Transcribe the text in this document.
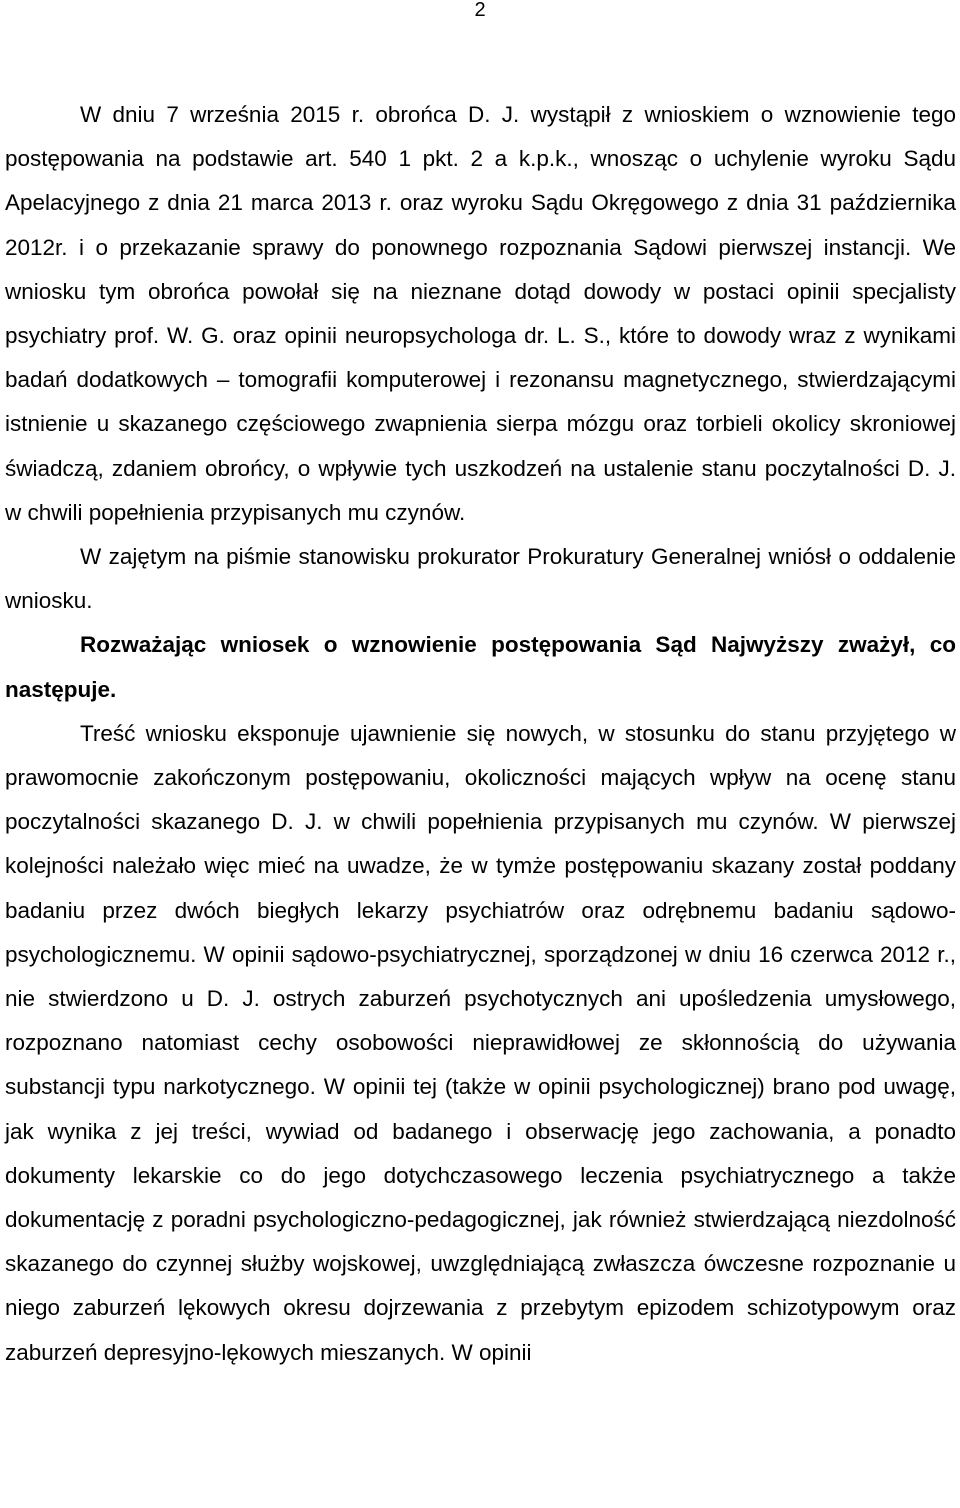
2

W dniu 7 września 2015 r. obrońca D. J. wystąpił z wnioskiem o wznowienie tego postępowania na podstawie art. 540 1 pkt. 2 a k.p.k., wnosząc o uchylenie wyroku Sądu Apelacyjnego z dnia 21 marca 2013 r. oraz wyroku Sądu Okręgowego z dnia 31 października 2012r. i o przekazanie sprawy do ponownego rozpoznania Sądowi pierwszej instancji. We wniosku tym obrońca powołał się na nieznane dotąd dowody w postaci opinii specjalisty psychiatry prof. W. G. oraz opinii neuropsychologa dr. L. S., które to dowody wraz z wynikami badań dodatkowych – tomografii komputerowej i rezonansu magnetycznego, stwierdzającymi istnienie u skazanego częściowego zwapnienia sierpa mózgu oraz torbieli okolicy skroniowej świadczą, zdaniem obrońcy, o wpływie tych uszkodzeń na ustalenie stanu poczytalności D. J. w chwili popełnienia przypisanych mu czynów.

W zajętym na piśmie stanowisku prokurator Prokuratury Generalnej wniósł o oddalenie wniosku.

Rozważając wniosek o wznowienie postępowania Sąd Najwyższy zważył, co następuje.

Treść wniosku eksponuje ujawnienie się nowych, w stosunku do stanu przyjętego w prawomocnie zakończonym postępowaniu, okoliczności mających wpływ na ocenę stanu poczytalności skazanego D. J. w chwili popełnienia przypisanych mu czynów. W pierwszej kolejności należało więc mieć na uwadze, że w tymże postępowaniu skazany został poddany badaniu przez dwóch biegłych lekarzy psychiatrów oraz odrębnemu badaniu sądowo-psychologicznemu. W opinii sądowo-psychiatrycznej, sporządzonej w dniu 16 czerwca 2012 r., nie stwierdzono u D. J. ostrych zaburzeń psychotycznych ani upośledzenia umysłowego, rozpoznano natomiast cechy osobowości nieprawidłowej ze skłonnością do używania substancji typu narkotycznego. W opinii tej (także w opinii psychologicznej) brano pod uwagę, jak wynika z jej treści, wywiad od badanego i obserwację jego zachowania, a ponadto dokumenty lekarskie co do jego dotychczasowego leczenia psychiatrycznego a także dokumentację z poradni psychologiczno-pedagogicznej, jak również stwierdzającą niezdolność skazanego do czynnej służby wojskowej, uwzględniającą zwłaszcza ówczesne rozpoznanie u niego zaburzeń lękowych okresu dojrzewania z przebytym epizodem schizotypowym oraz zaburzeń depresyjno-lękowych mieszanych. W opinii
